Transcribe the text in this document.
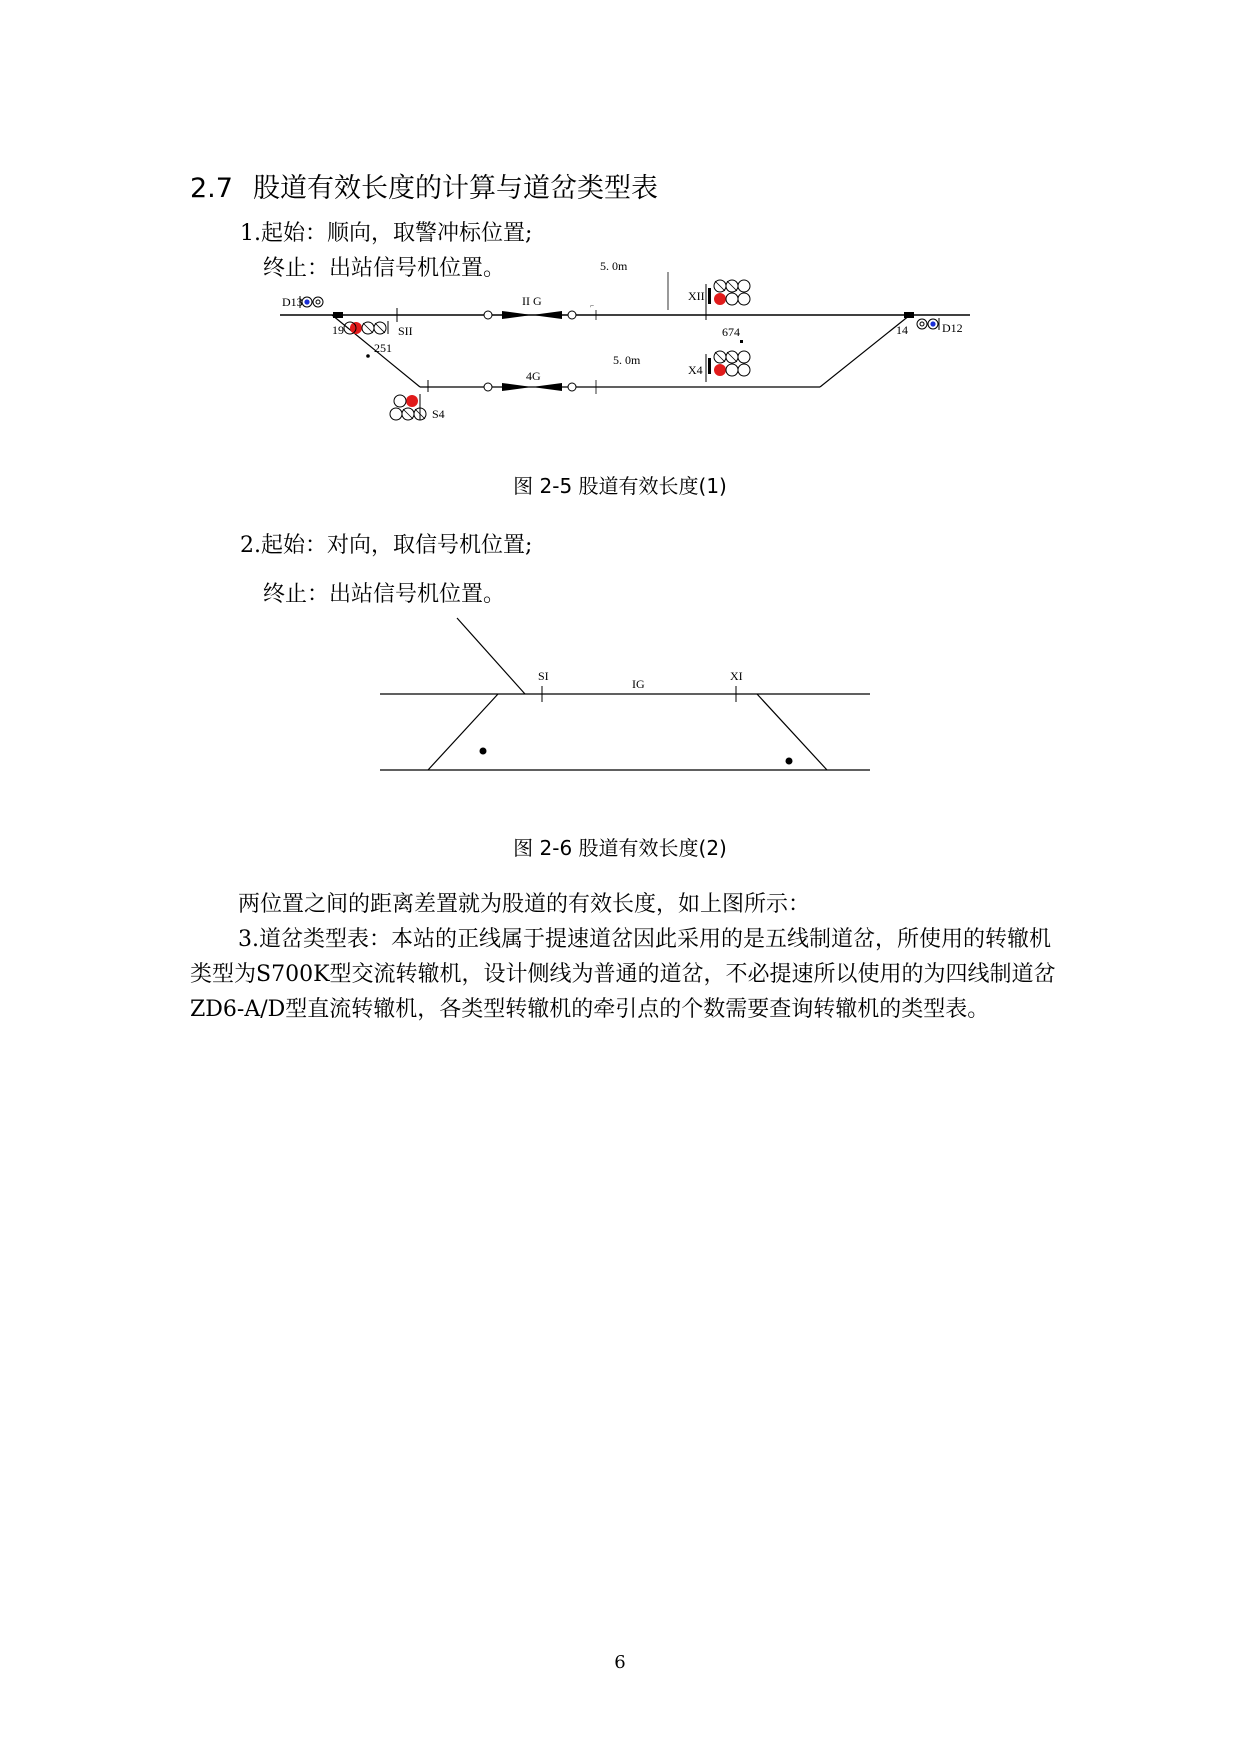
2.7 股道有效长度的计算与道岔类型表
1.起始：顺向，取警冲标位置;
终止：出站信号机位置。
D13
19	SII
251
II G	⌐
5. 0m
XII
674	14	D12
5. 0m
4G	X4
S4
图 2-5 股道有效长度(1)
2.起始：对向，取信号机位置;
终止：出站信号机位置。
SI
IG
XI
图 2-6 股道有效长度(2)

两位置之间的距离差置就为股道的有效长度，如上图所示：

3.道岔类型表：本站的正线属于提速道岔因此采用的是五线制道岔，所使用的转辙机类型为S700K型交流转辙机，设计侧线为普通的道岔，不必提速所以使用的为四线制道岔ZD6-A/D型直流转辙机，各类型转辙机的牵引点的个数需要查询转辙机的类型表。

6
